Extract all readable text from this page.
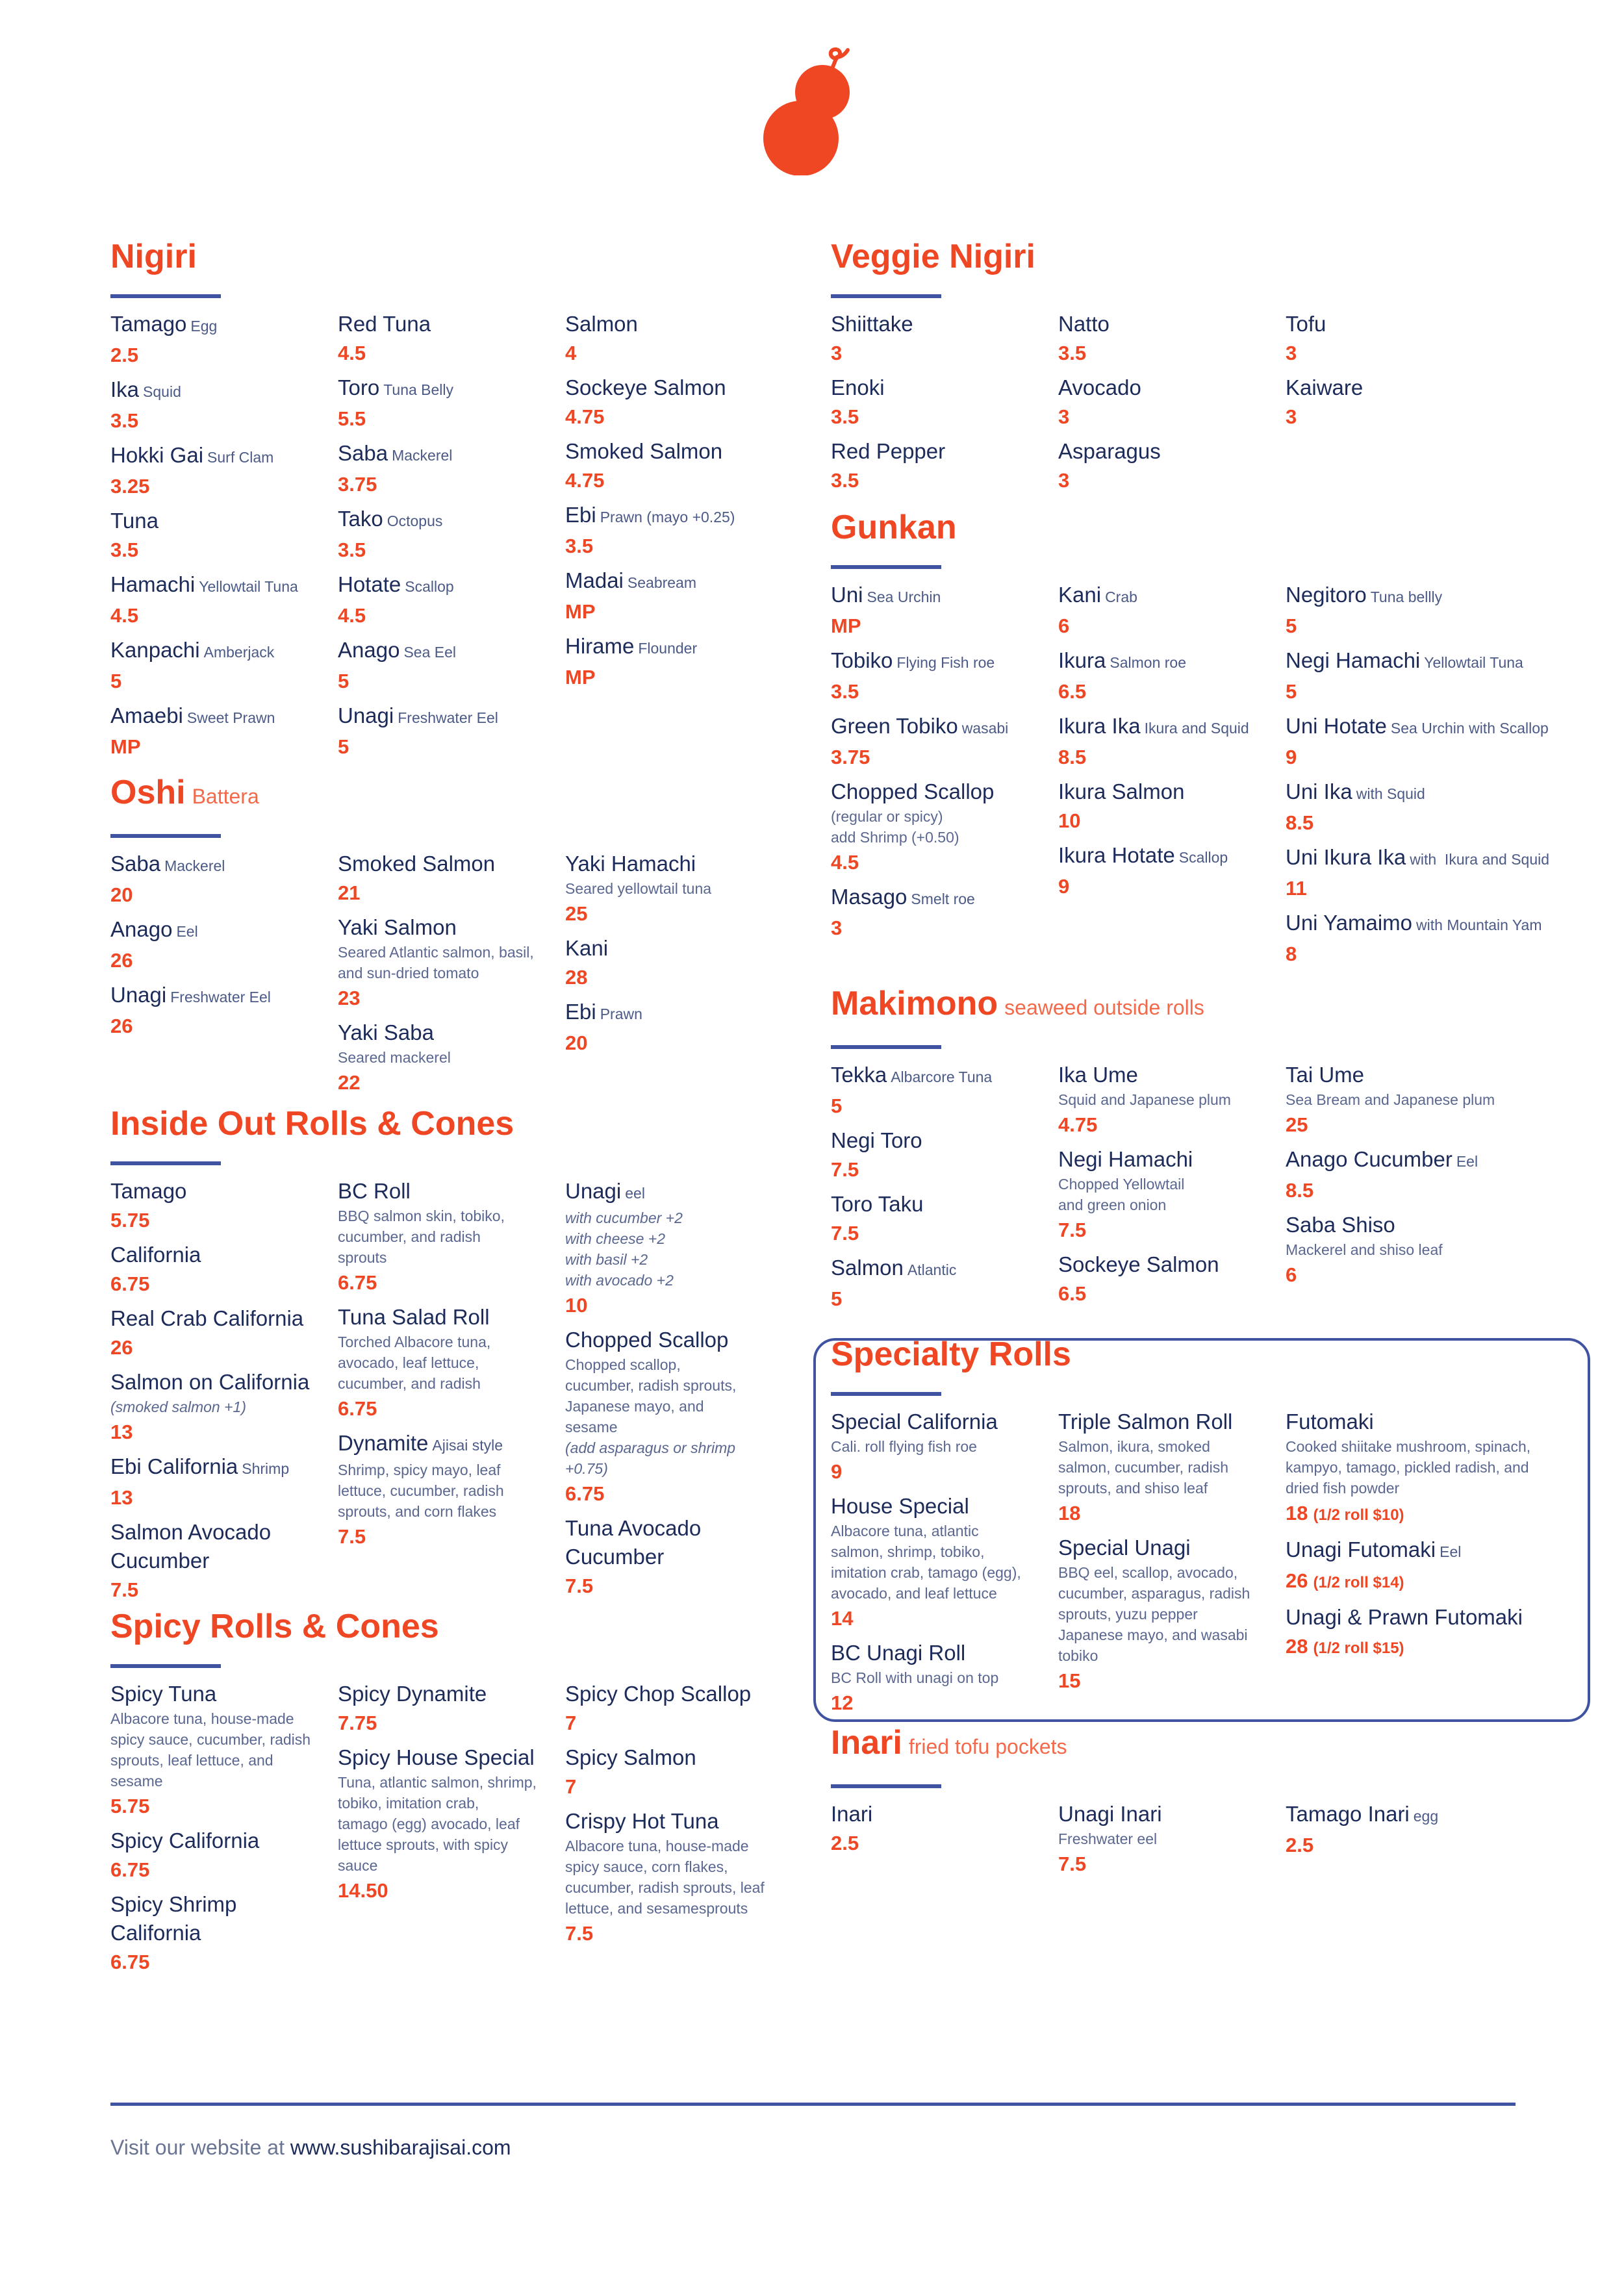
Nigiri
Tamago Egg
2.5
Ika Squid
3.5
Hokki Gai Surf Clam
3.25
Tuna
3.5
Hamachi Yellowtail Tuna
4.5
Kanpachi Amberjack
5
Amaebi Sweet Prawn
MP
Red Tuna
4.5
Toro Tuna Belly
5.5
Saba Mackerel
3.75
Tako Octopus
3.5
Hotate Scallop
4.5
Anago Sea Eel
5
Unagi Freshwater Eel
5
Salmon
4
Sockeye Salmon
4.75
Smoked Salmon
4.75
Ebi Prawn (mayo +0.25)
3.5
Madai Seabream
MP
Hirame Flounder
MP
Oshi Battera
Saba Mackerel
20
Anago Eel
26
Unagi Freshwater Eel
26
Smoked Salmon
21
Yaki Salmon
Seared Atlantic salmon, basil,
and sun-dried tomato
23
Yaki Saba
Seared mackerel
22
Yaki Hamachi
Seared yellowtail tuna
25
Kani
28
Ebi Prawn
20
Inside Out Rolls & Cones
Tamago
5.75
California
6.75
Real Crab California
26
Salmon on California
(smoked salmon +1)
13
Ebi California Shrimp
13
Salmon Avocado
Cucumber
7.5
BC Roll
BBQ salmon skin, tobiko,
cucumber, and radish
sprouts
6.75
Tuna Salad Roll
Torched Albacore tuna,
avocado, leaf lettuce,
cucumber, and radish
6.75
Dynamite Ajisai style
Shrimp, spicy mayo, leaf
lettuce, cucumber, radish
sprouts, and corn flakes
7.5
Unagi eel
with cucumber +2
with cheese +2
with basil +2
with avocado +2
10
Chopped Scallop
Chopped scallop,
cucumber, radish sprouts,
Japanese mayo, and
sesame
(add asparagus or shrimp
+0.75)
6.75
Tuna Avocado
Cucumber
7.5
Spicy Rolls & Cones
Spicy Tuna
Albacore tuna, house-made
spicy sauce, cucumber, radish
sprouts, leaf lettuce, and
sesame
5.75
Spicy California
6.75
Spicy Shrimp
California
6.75
Spicy Dynamite
7.75
Spicy House Special
Tuna, atlantic salmon, shrimp,
tobiko, imitation crab,
tamago (egg) avocado, leaf
lettuce sprouts, with spicy
sauce
14.50
Spicy Chop Scallop
7
Spicy Salmon
7
Crispy Hot Tuna
Albacore tuna, house-made
spicy sauce, corn flakes,
cucumber, radish sprouts, leaf
lettuce, and sesamesprouts
7.5
Veggie Nigiri
Shiittake
3
Enoki
3.5
Red Pepper
3.5
Natto
3.5
Avocado
3
Asparagus
3
Tofu
3
Kaiware
3
Gunkan
Uni Sea Urchin
MP
Tobiko Flying Fish roe
3.5
Green Tobiko wasabi
3.75
Chopped Scallop
(regular or spicy)
add Shrimp (+0.50)
4.5
Masago Smelt roe
3
Kani Crab
6
Ikura Salmon roe
6.5
Ikura Ika Ikura and Squid
8.5
Ikura Salmon
10
Ikura Hotate Scallop
9
Negitoro Tuna bellly
5
Negi Hamachi Yellowtail Tuna
5
Uni Hotate Sea Urchin with Scallop
9
Uni Ika with Squid
8.5
Uni Ikura Ika with  Ikura and Squid
11
Uni Yamaimo with Mountain Yam
8
Makimono seaweed outside rolls
Tekka Albarcore Tuna
5
Negi Toro
7.5
Toro Taku
7.5
Salmon Atlantic
5
Ika Ume
Squid and Japanese plum
4.75
Negi Hamachi
Chopped Yellowtail
and green onion
7.5
Sockeye Salmon
6.5
Tai Ume
Sea Bream and Japanese plum
25
Anago Cucumber Eel
8.5
Saba Shiso
Mackerel and shiso leaf
6
Specialty Rolls
Special California
Cali. roll flying fish roe
9
House Special
Albacore tuna, atlantic
salmon, shrimp, tobiko,
imitation crab, tamago (egg),
avocado, and leaf lettuce
14
BC Unagi Roll
BC Roll with unagi on top
12
Triple Salmon Roll
Salmon, ikura, smoked
salmon, cucumber, radish
sprouts, and shiso leaf
18
Special Unagi
BBQ eel, scallop, avocado,
cucumber, asparagus, radish
sprouts, yuzu pepper
Japanese mayo, and wasabi
tobiko
15
Futomaki
Cooked shiitake mushroom, spinach,
kampyo, tamago, pickled radish, and
dried fish powder
18 (1/2 roll $10)
Unagi Futomaki Eel
26 (1/2 roll $14)
Unagi & Prawn Futomaki
28 (1/2 roll $15)
Inari fried tofu pockets
Inari
2.5
Unagi Inari
Freshwater eel
7.5
Tamago Inari egg
2.5
Visit our website at www.sushibarajisai.com
